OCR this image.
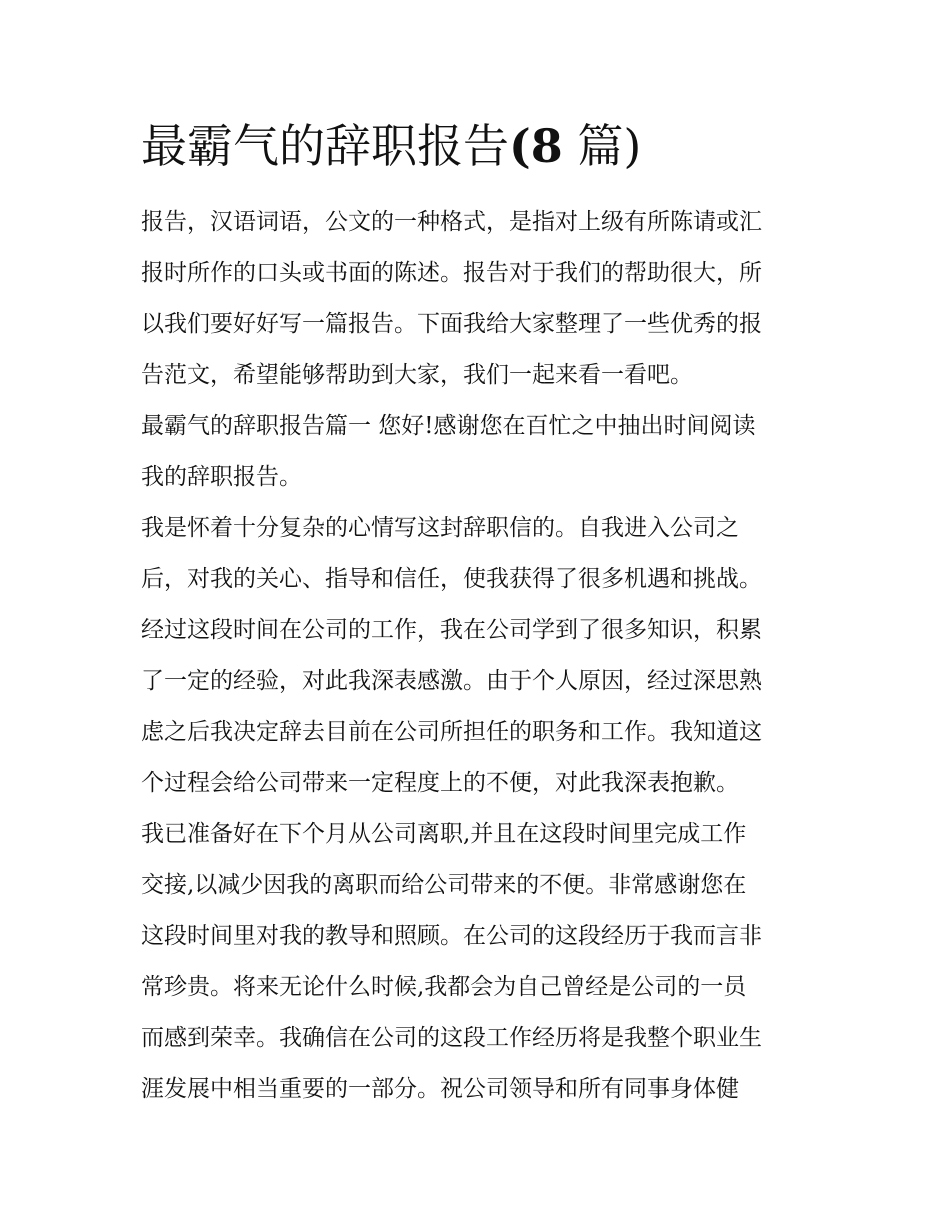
最霸气的辞职报告(8 篇)
报告，汉语词语，公文的一种格式，是指对上级有所陈请或汇
报时所作的口头或书面的陈述。报告对于我们的帮助很大，所
以我们要好好写一篇报告。下面我给大家整理了一些优秀的报
告范文，希望能够帮助到大家，我们一起来看一看吧。
最霸气的辞职报告篇一 您好!感谢您在百忙之中抽出时间阅读
我的辞职报告。
我是怀着十分复杂的心情写这封辞职信的。自我进入公司之
后，对我的关心、指导和信任，使我获得了很多机遇和挑战。
经过这段时间在公司的工作，我在公司学到了很多知识，积累
了一定的经验，对此我深表感激。由于个人原因，经过深思熟
虑之后我决定辞去目前在公司所担任的职务和工作。我知道这
个过程会给公司带来一定程度上的不便，对此我深表抱歉。
我已准备好在下个月从公司离职,并且在这段时间里完成工作
交接,以减少因我的离职而给公司带来的不便。非常感谢您在
这段时间里对我的教导和照顾。在公司的这段经历于我而言非
常珍贵。将来无论什么时候,我都会为自己曾经是公司的一员
而感到荣幸。我确信在公司的这段工作经历将是我整个职业生
涯发展中相当重要的一部分。祝公司领导和所有同事身体健
